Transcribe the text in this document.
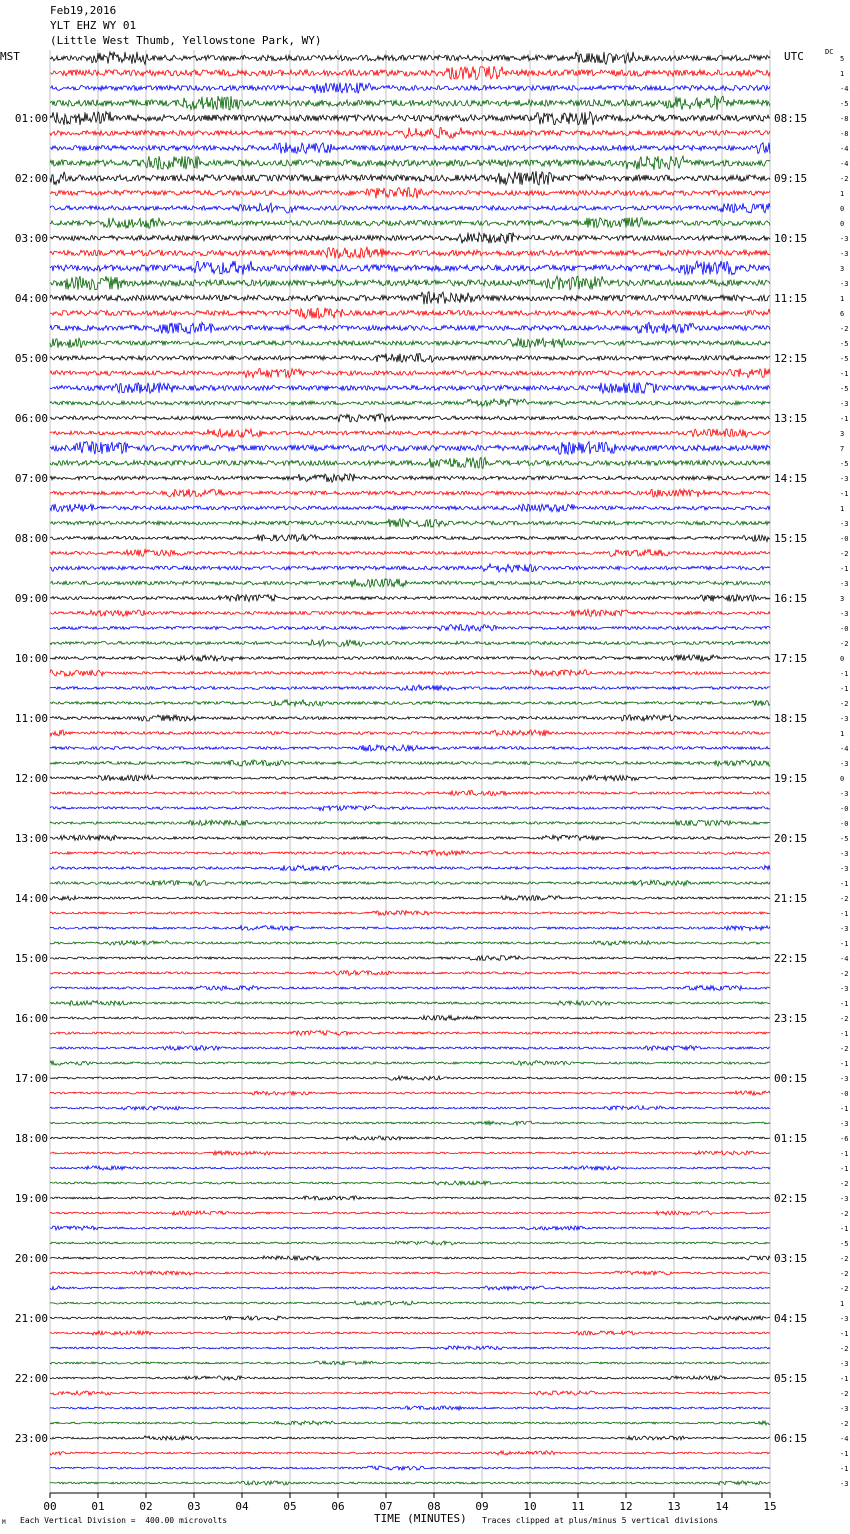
Feb19,2016
YLT EHZ WY 01
(Little West Thumb, Yellowstone Park, WY)
MST	UTC	DC
5
1
-4
-5
-8
-8
-4
-4
-2
1
0
0
-3
-3
3
-3
1
6
-2
-5
-5
-1
-5
-3
-1
3
7
-5
-3
-1
1
-3
-0
-2
-1
-3
3
-3
-0
-2
0
-1
-1
-2
-3
1
-4
-3
0
-3
-0
-0
-5
-3
-3
-1
-2
-1
-3
-1
-4
-2
-3
-1
-2
-1
-2
-1
-3
-0
-1
-3
-6
-1
-1
-2
-3
-2
-1
-5
-2
-2
-2
1
-3
-1
-2
-3
-1
-2
-3
-2
-4
-1
-1
-3
01:00
02:00
03:00
04:00
05:00
06:00
07:00
08:00
09:00
10:00
11:00
12:00
13:00
14:00
15:00
16:00
17:00
18:00
19:00
20:00
21:00
22:00
23:00
08:15
09:15
10:15
11:15
12:15
13:15
14:15
15:15
16:15
17:15
18:15
19:15
20:15
21:15
22:15
23:15
00:15
01:15
02:15
03:15
04:15
05:15
06:15
00	01	02	03	04	05	06	07	08	09	10	11	12	13	14	15
TIME (MINUTES)
Each Vertical Division =  400.00 microvolts	Traces clipped at plus/minus 5 vertical divisions
M
